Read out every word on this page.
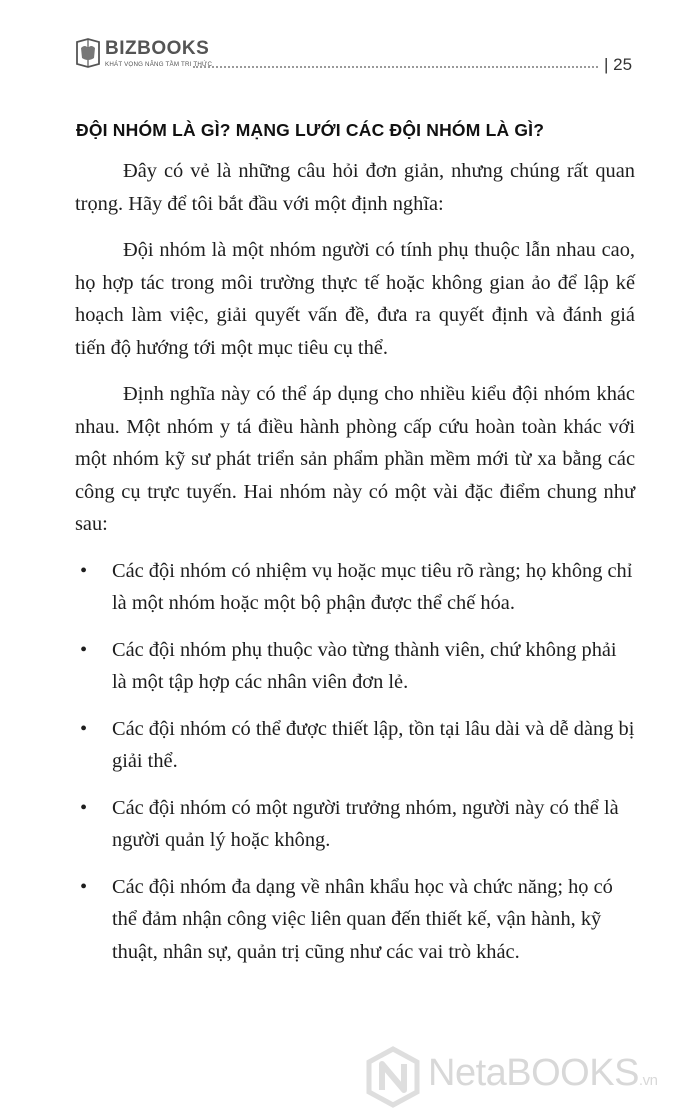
BIZBOOKS
KHÁT VỌNG NÂNG TẦM TRI THỨC	| 25
ĐỘI NHÓM LÀ GÌ? MẠNG LƯỚI CÁC ĐỘI NHÓM LÀ GÌ?

Đây có vẻ là những câu hỏi đơn giản, nhưng chúng rất quan trọng. Hãy để tôi bắt đầu với một định nghĩa:

Đội nhóm là một nhóm người có tính phụ thuộc lẫn nhau cao, họ hợp tác trong môi trường thực tế hoặc không gian ảo để lập kế hoạch làm việc, giải quyết vấn đề, đưa ra quyết định và đánh giá tiến độ hướng tới một mục tiêu cụ thể.

Định nghĩa này có thể áp dụng cho nhiều kiểu đội nhóm khác nhau. Một nhóm y tá điều hành phòng cấp cứu hoàn toàn khác với một nhóm kỹ sư phát triển sản phẩm phần mềm mới từ xa bằng các công cụ trực tuyến. Hai nhóm này có một vài đặc điểm chung như sau:

• Các đội nhóm có nhiệm vụ hoặc mục tiêu rõ ràng; họ không chỉ là một nhóm hoặc một bộ phận được thể chế hóa.
• Các đội nhóm phụ thuộc vào từng thành viên, chứ không phải là một tập hợp các nhân viên đơn lẻ.
• Các đội nhóm có thể được thiết lập, tồn tại lâu dài và dễ dàng bị giải thể.
• Các đội nhóm có một người trưởng nhóm, người này có thể là người quản lý hoặc không.
• Các đội nhóm đa dạng về nhân khẩu học và chức năng; họ có thể đảm nhận công việc liên quan đến thiết kế, vận hành, kỹ thuật, nhân sự, quản trị cũng như các vai trò khác.
NetaBOOKS.vn
